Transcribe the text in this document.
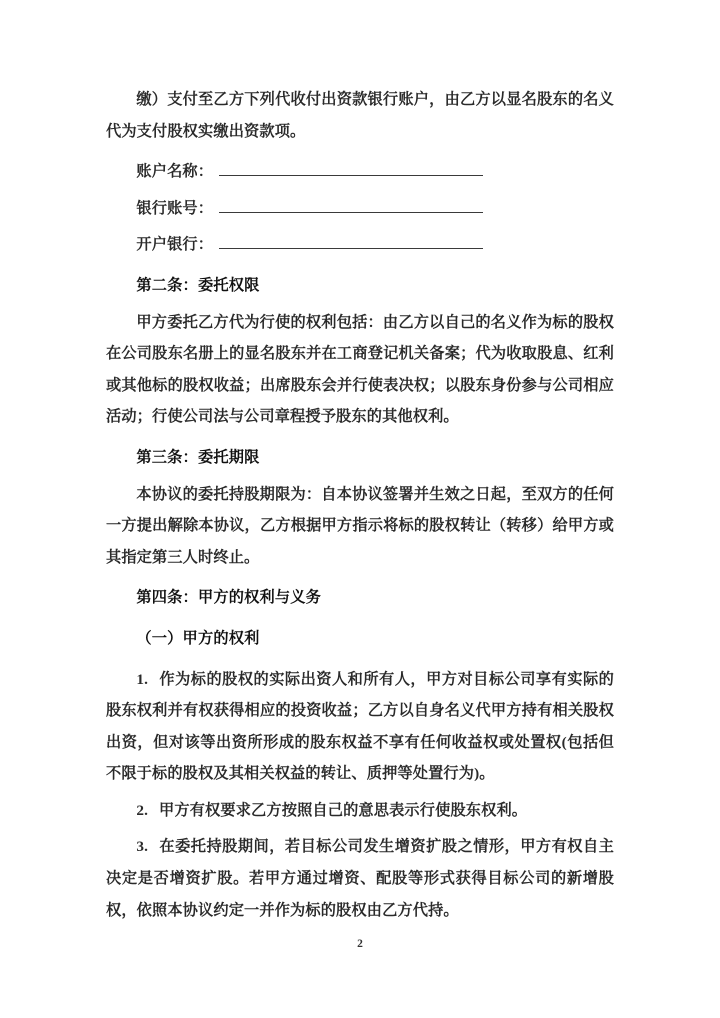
缴）支付至乙方下列代收付出资款银行账户，由乙方以显名股东的名义代为支付股权实缴出资款项。

账户名称：
银行账号：
开户银行：

第二条：委托权限

甲方委托乙方代为行使的权利包括：由乙方以自己的名义作为标的股权在公司股东名册上的显名股东并在工商登记机关备案；代为收取股息、红利或其他标的股权收益；出席股东会并行使表决权；以股东身份参与公司相应活动；行使公司法与公司章程授予股东的其他权利。

第三条：委托期限

本协议的委托持股期限为：自本协议签署并生效之日起，至双方的任何一方提出解除本协议，乙方根据甲方指示将标的股权转让（转移）给甲方或其指定第三人时终止。

第四条：甲方的权利与义务

（一）甲方的权利

1. 作为标的股权的实际出资人和所有人，甲方对目标公司享有实际的股东权利并有权获得相应的投资收益；乙方以自身名义代甲方持有相关股权出资，但对该等出资所形成的股东权益不享有任何收益权或处置权(包括但不限于标的股权及其相关权益的转让、质押等处置行为)。

2. 甲方有权要求乙方按照自己的意思表示行使股东权利。

3. 在委托持股期间，若目标公司发生增资扩股之情形，甲方有权自主决定是否增资扩股。若甲方通过增资、配股等形式获得目标公司的新增股权，依照本协议约定一并作为标的股权由乙方代持。

2
